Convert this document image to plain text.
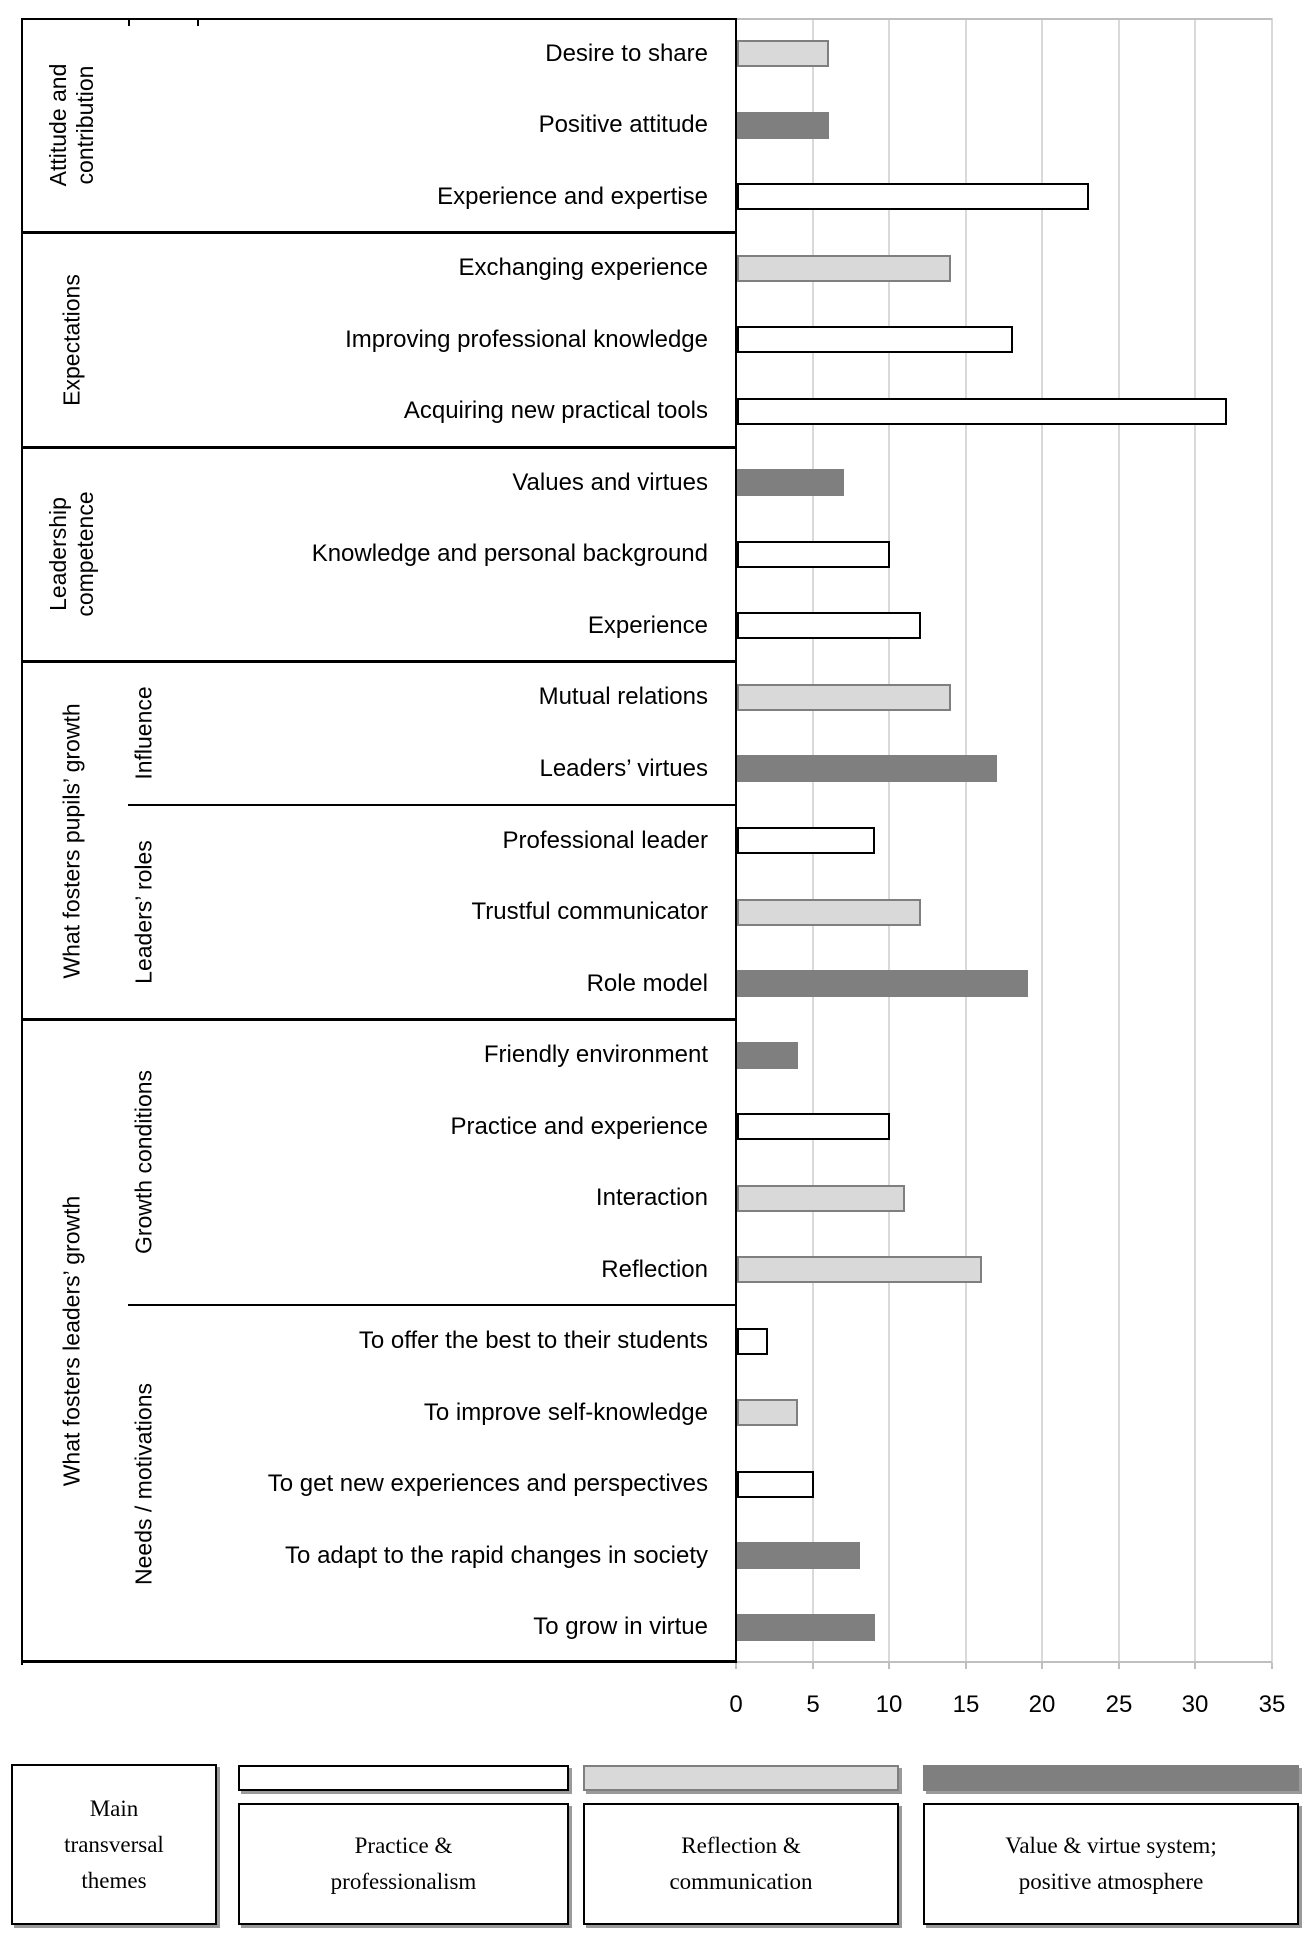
Attitude and contribution
Expectations
Leadership competence
Influence
Leaders’ roles
What fosters pupils’ growth
Growth conditions
Needs / motivations
What fosters leaders’ growth
Desire to share
Positive attitude
Experience and expertise
Exchanging experience
Improving professional knowledge
Acquiring new practical tools
Values and virtues
Knowledge and personal background
Experience
Mutual relations
Leaders’ virtues
Professional leader
Trustful communicator
Role model
Friendly environment
Practice and experience
Interaction
Reflection
To offer the best to their students
To improve self-knowledge
To get new experiences and perspectives
To adapt to the rapid changes in society
To grow in virtue
0	5 10 15 20 25 30 35
Main
transversal
themes
Practice &
professionalism
Reflection &
communication
Value & virtue system;
positive atmosphere
